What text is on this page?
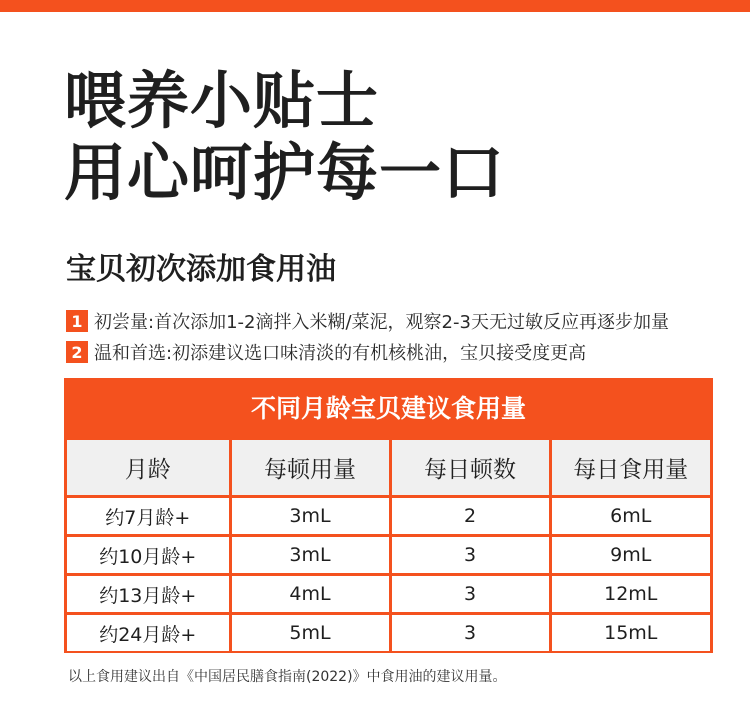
喂养小贴士
用心呵护每一口
宝贝初次添加食用油
1 初尝量: 首次添加1-2滴拌入米糊/菜泥，观察2-3天无过敏反应再逐步加量
2 温和首选: 初添建议选口味清淡的有机核桃油，宝贝接受度更高
不同月龄宝贝建议食用量
月龄	每顿用量	每日顿数	每日食用量
约7月龄+	3mL	2	6mL
约10月龄+	3mL	3	9mL
约13月龄+	4mL	3	12mL
约24月龄+	5mL	3	15mL

以上食用建议出自《中国居民膳食指南(2022)》中食用油的建议用量。
